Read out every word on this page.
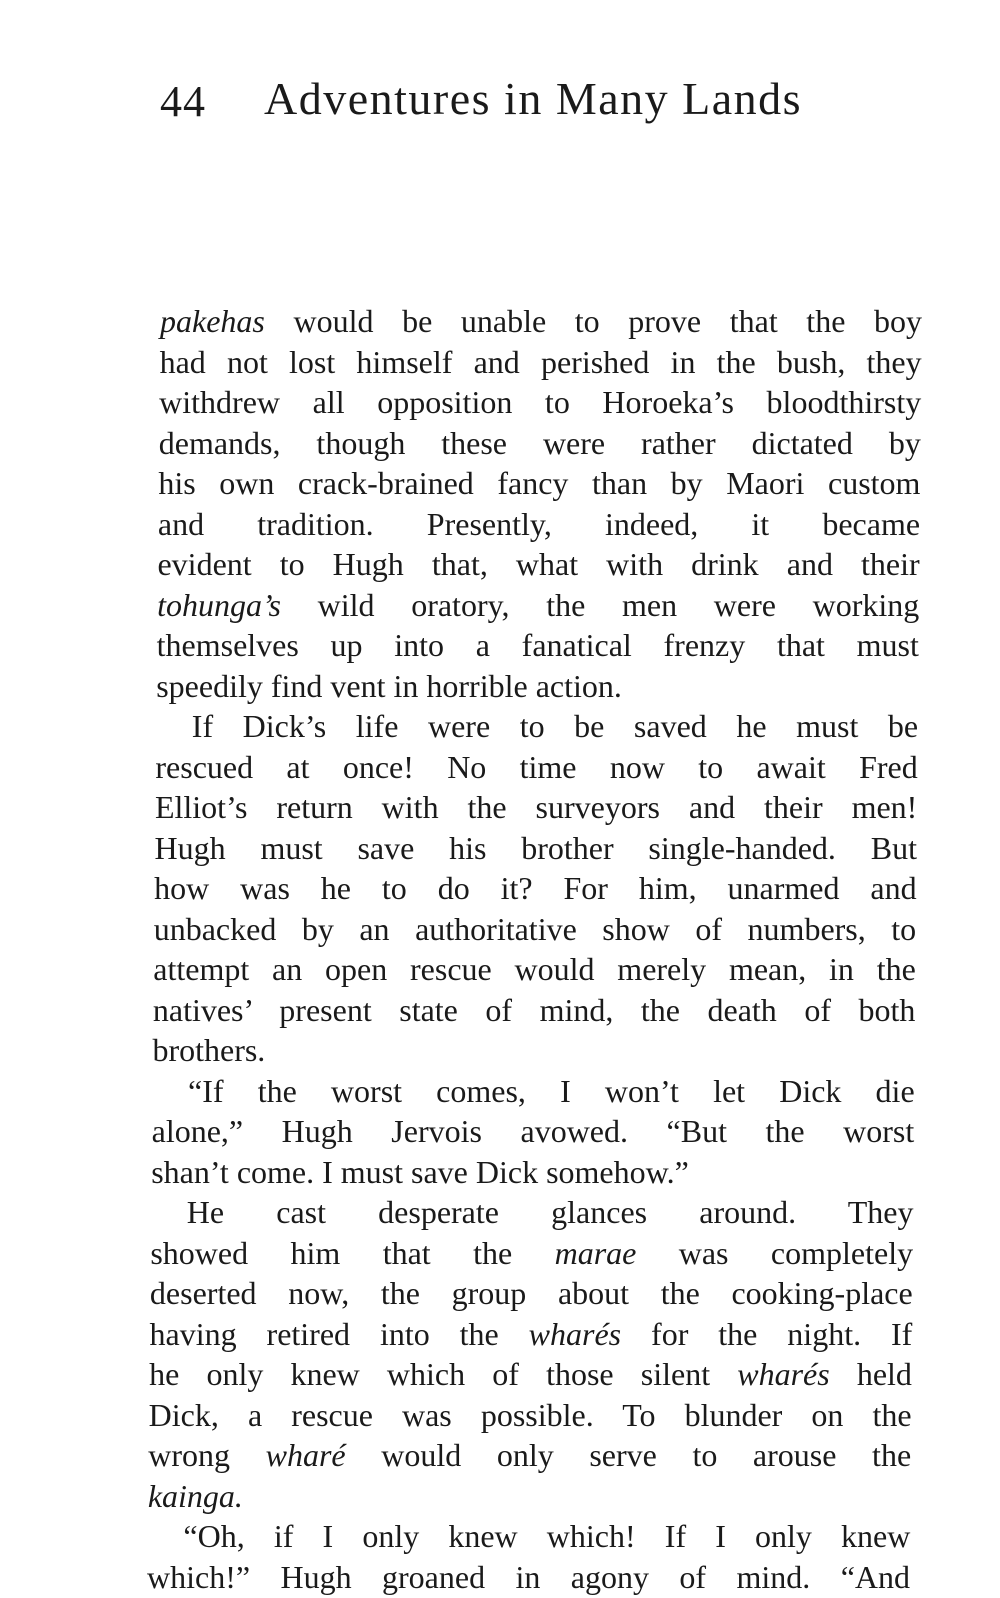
44 Adventures in Many Lands
pakehas would be unable to prove that the boy
had not lost himself and perished in the bush, they
withdrew all opposition to Horoeka’s bloodthirsty
demands, though these were rather dictated by
his own crack-brained fancy than by Maori custom
and tradition. Presently, indeed, it became
evident to Hugh that, what with drink and their
tohunga’s wild oratory, the men were working
themselves up into a fanatical frenzy that must
speedily find vent in horrible action.
If Dick’s life were to be saved he must be
rescued at once! No time now to await Fred
Elliot’s return with the surveyors and their men!
Hugh must save his brother single-handed. But
how was he to do it? For him, unarmed and
unbacked by an authoritative show of numbers, to
attempt an open rescue would merely mean, in the
natives’ present state of mind, the death of both
brothers.
“If the worst comes, I won’t let Dick die
alone,” Hugh Jervois avowed. “But the worst
shan’t come. I must save Dick somehow.”
He cast desperate glances around. They
showed him that the marae was completely
deserted now, the group about the cooking-place
having retired into the wharés for the night. If
he only knew which of those silent wharés held
Dick, a rescue was possible. To blunder on the
wrong wharé would only serve to arouse the
kainga.
“Oh, if I only knew which! If I only knew
which!” Hugh groaned in agony of mind. “And
